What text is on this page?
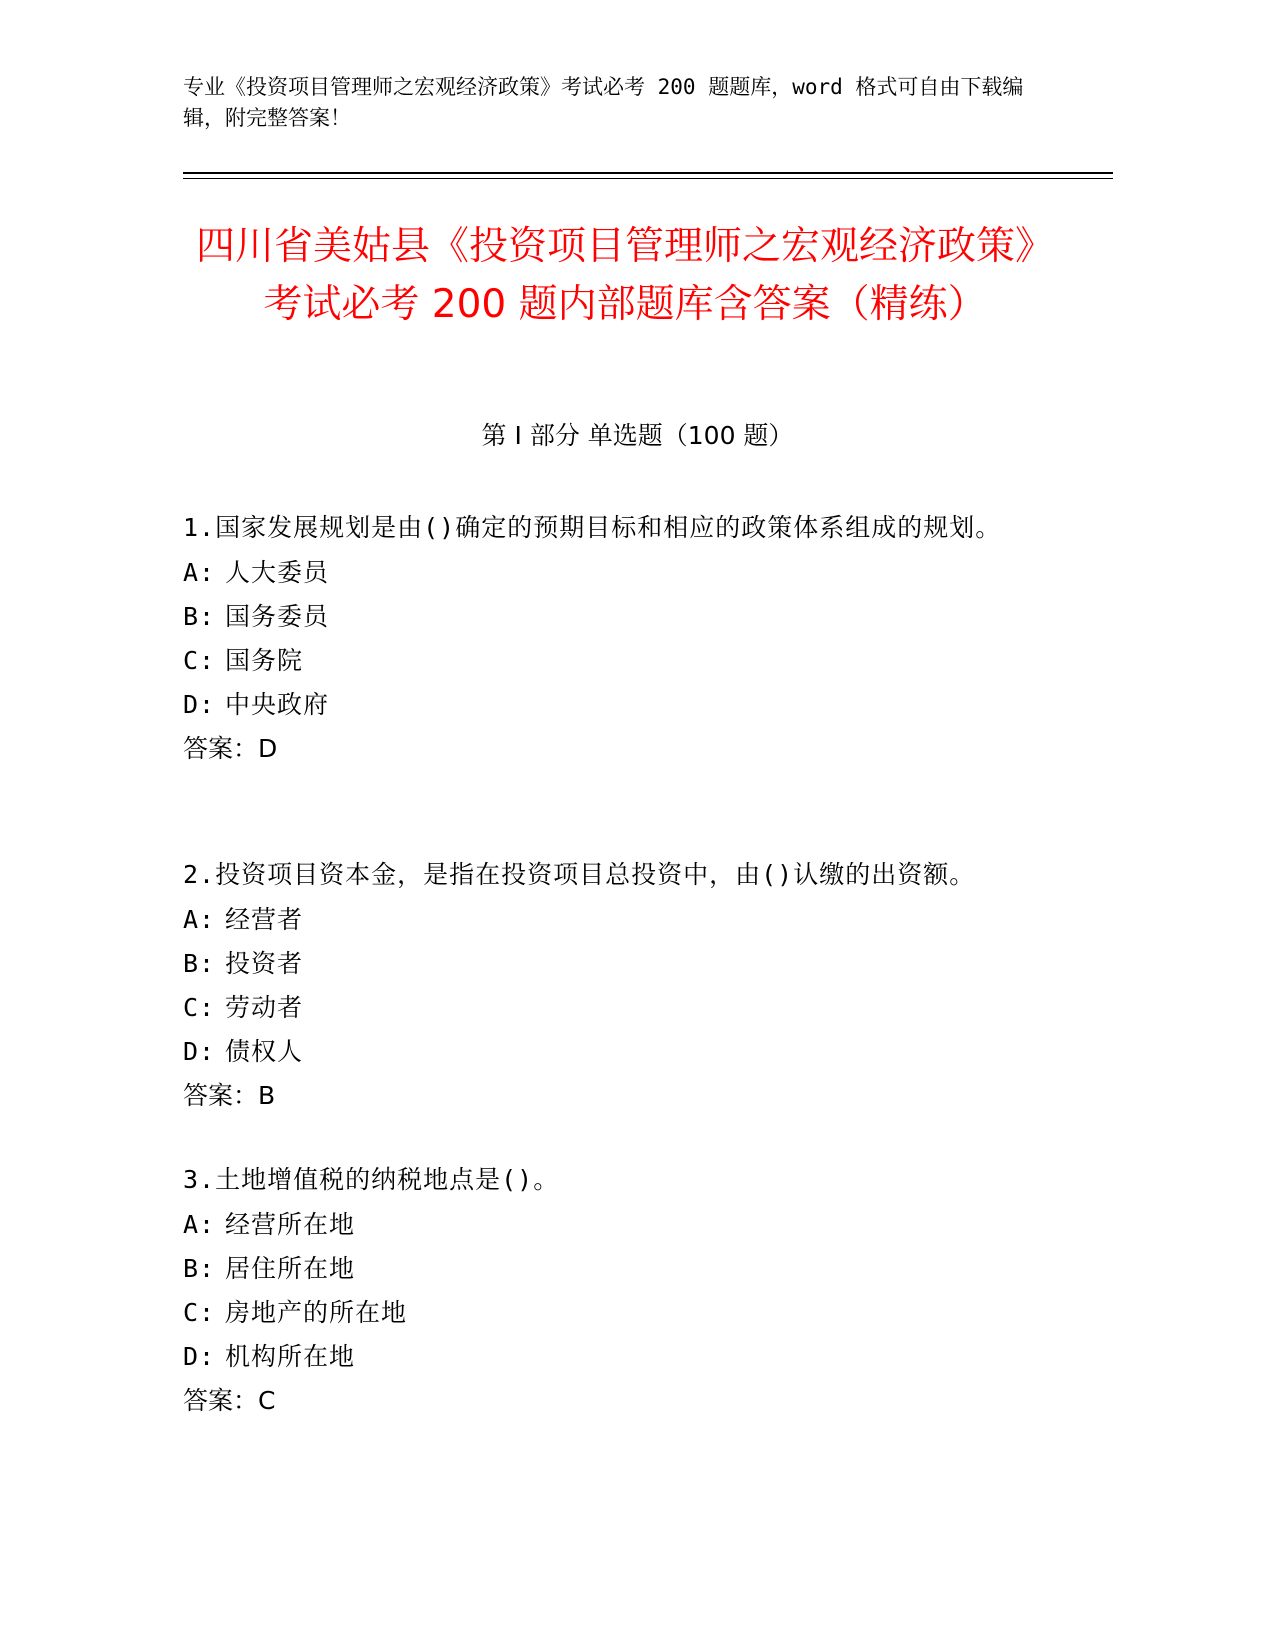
专业《投资项目管理师之宏观经济政策》考试必考 200 题题库，word 格式可自由下载编辑，附完整答案！
四川省美姑县《投资项目管理师之宏观经济政策》考试必考 200 题内部题库含答案（精练）
第 I 部分 单选题（100 题）
1.国家发展规划是由()确定的预期目标和相应的政策体系组成的规划。
A: 人大委员
B: 国务委员
C: 国务院
D: 中央政府
答案：D
2.投资项目资本金，是指在投资项目总投资中，由()认缴的出资额。
A: 经营者
B: 投资者
C: 劳动者
D: 债权人
答案：B
3.土地增值税的纳税地点是()。
A: 经营所在地
B: 居住所在地
C: 房地产的所在地
D: 机构所在地
答案：C
